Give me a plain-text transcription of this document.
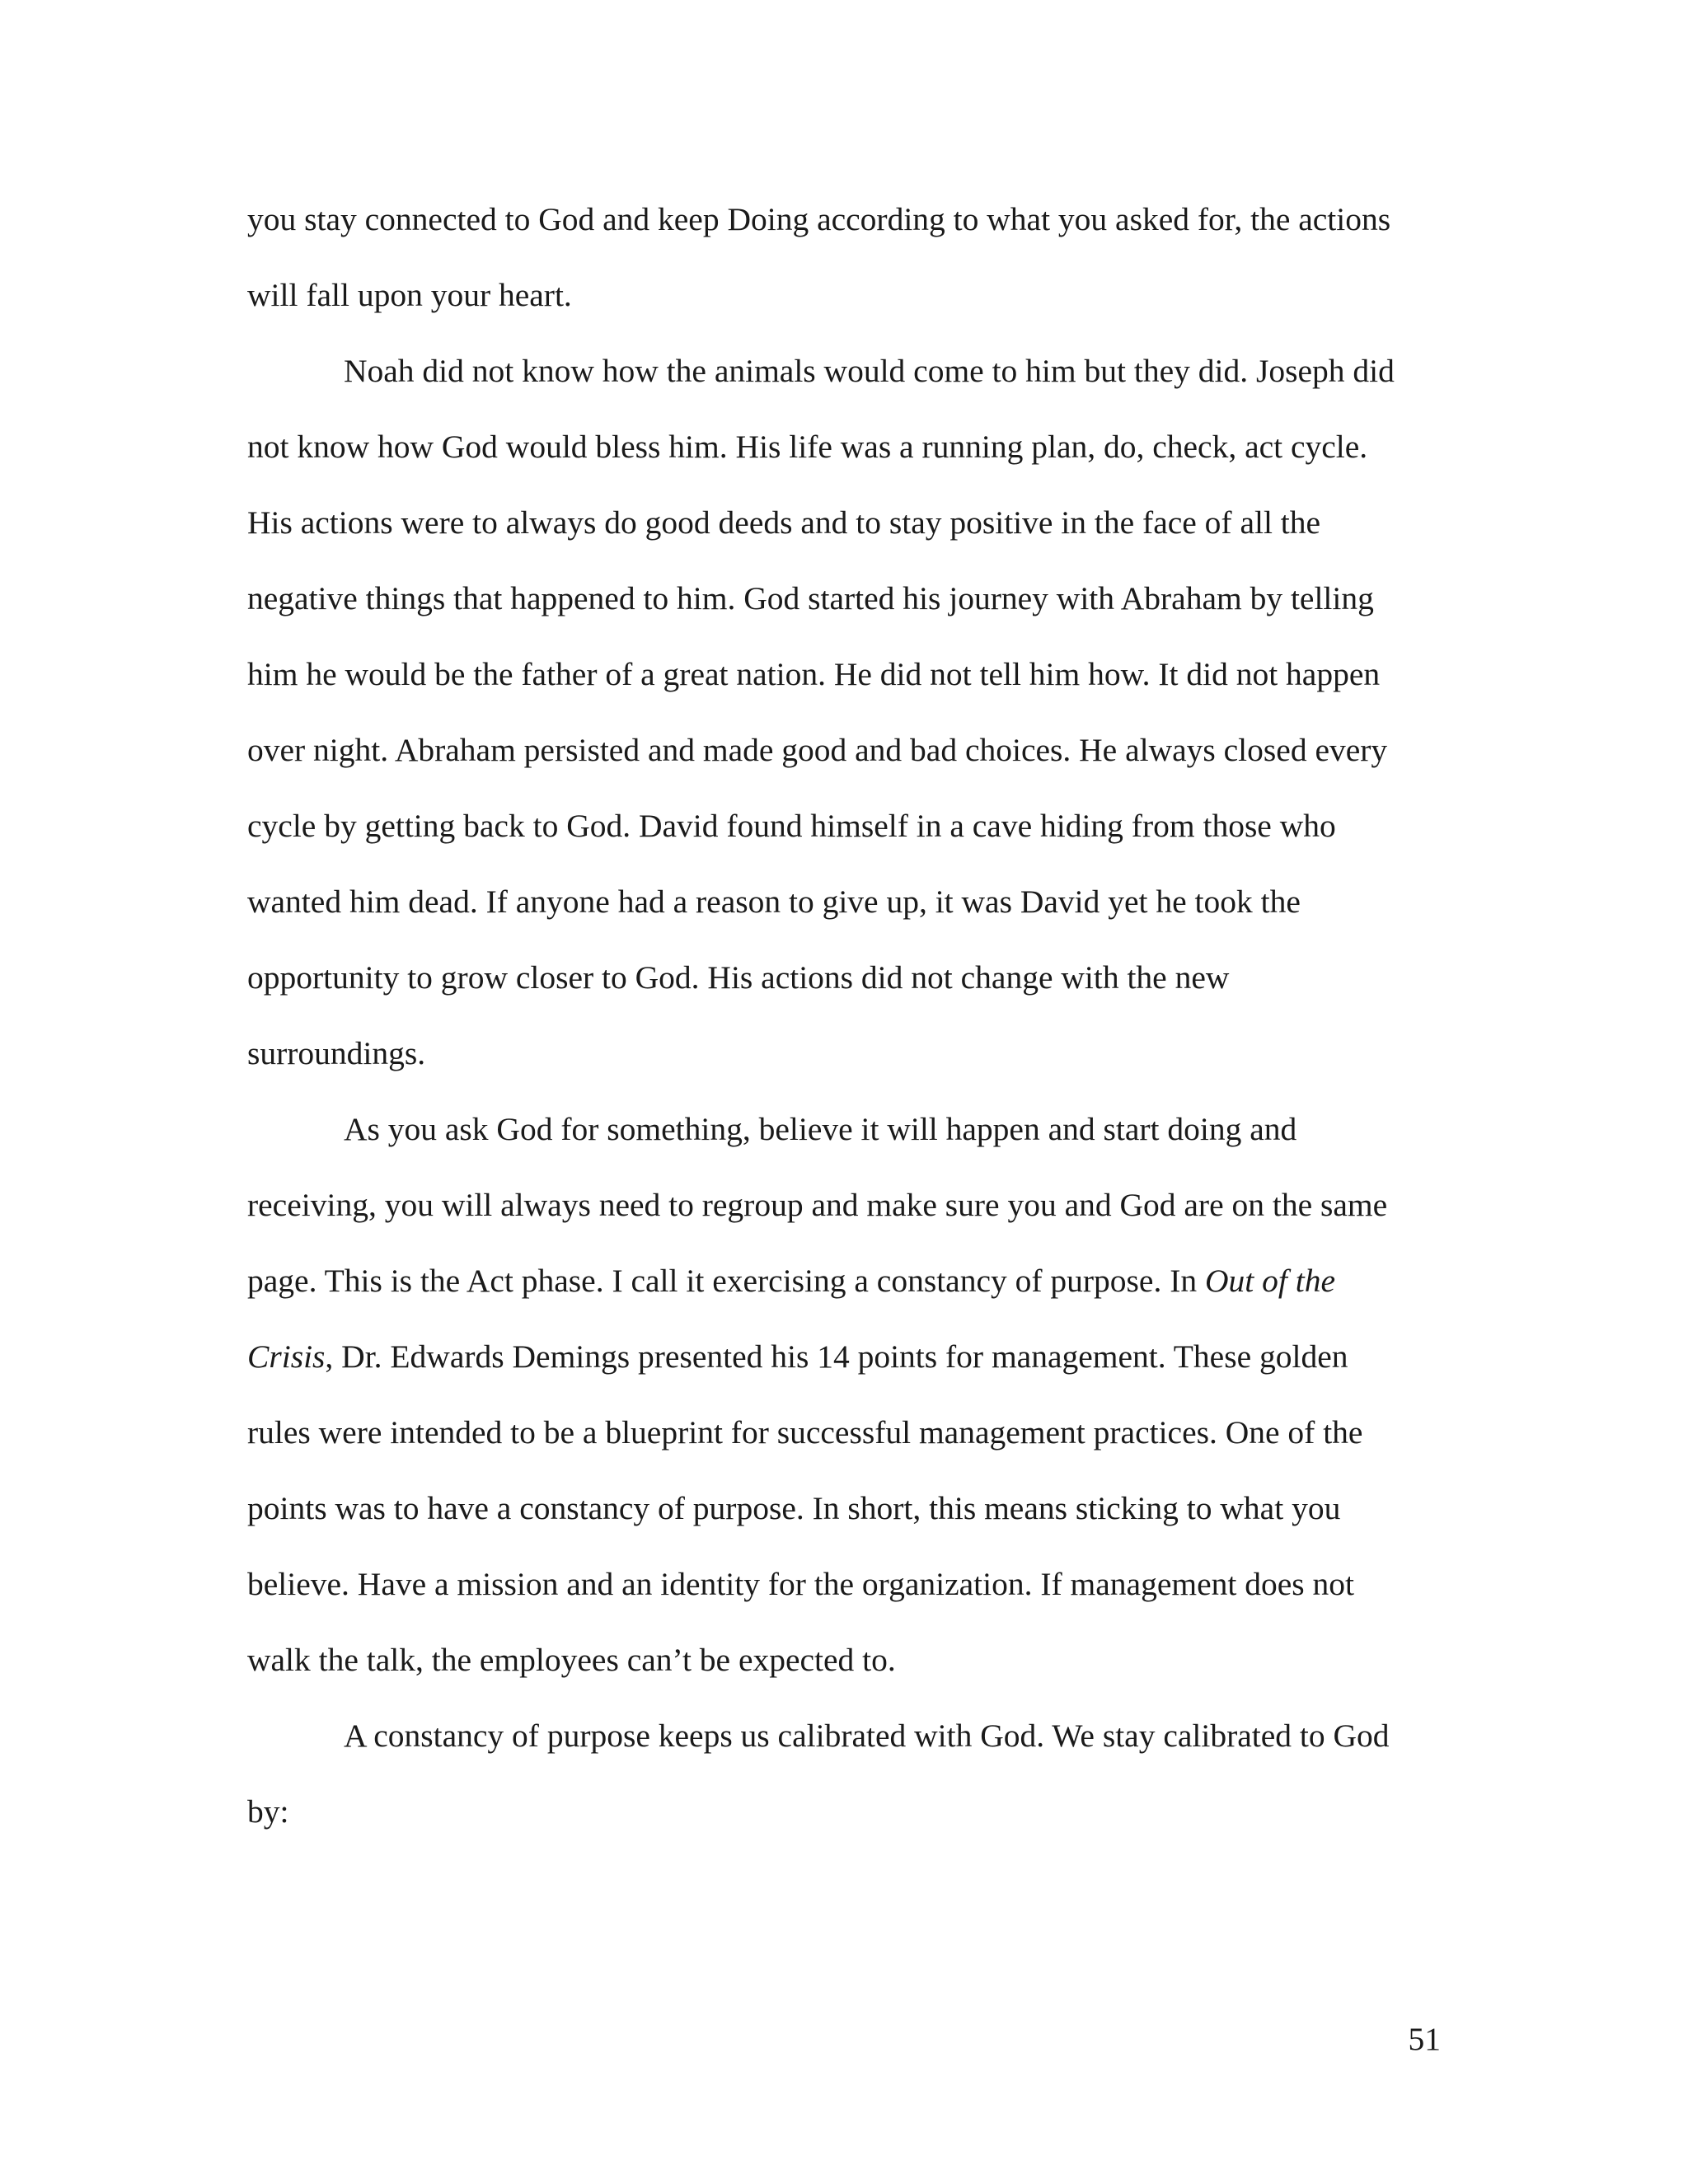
you stay connected to God and keep Doing according to what you asked for, the actions
will fall upon your heart.
Noah did not know how the animals would come to him but they did. Joseph did
not know how God would bless him. His life was a running plan, do, check, act cycle.
His actions were to always do good deeds and to stay positive in the face of all the
negative things that happened to him. God started his journey with Abraham by telling
him he would be the father of a great nation. He did not tell him how. It did not happen
over night. Abraham persisted and made good and bad choices. He always closed every
cycle by getting back to God. David found himself in a cave hiding from those who
wanted him dead. If anyone had a reason to give up, it was David yet he took the
opportunity to grow closer to God. His actions did not change with the new
surroundings.
As you ask God for something, believe it will happen and start doing and
receiving, you will always need to regroup and make sure you and God are on the same
page. This is the Act phase. I call it exercising a constancy of purpose. In Out of the
Crisis, Dr. Edwards Demings presented his 14 points for management. These golden
rules were intended to be a blueprint for successful management practices. One of the
points was to have a constancy of purpose. In short, this means sticking to what you
believe. Have a mission and an identity for the organization. If management does not
walk the talk, the employees can’t be expected to.
A constancy of purpose keeps us calibrated with God. We stay calibrated to God
by:
51
